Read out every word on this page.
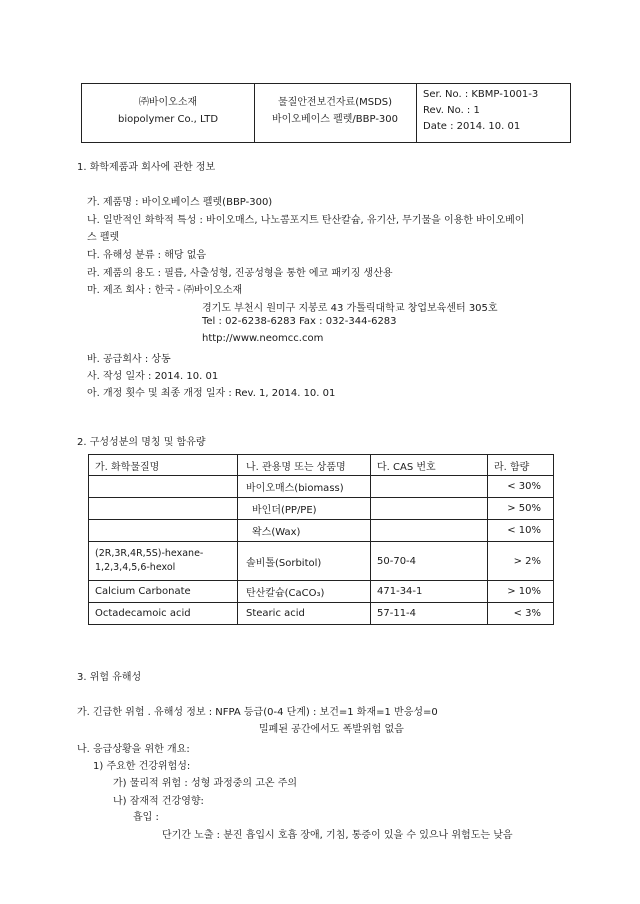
㈜바이오소재
biopolymer Co., LTD
물질안전보건자료(MSDS)
바이오베이스 펠렛/BBP-300
Ser. No. : KBMP-1001-3
Rev. No. : 1
Date : 2014. 10. 01
1. 화학제품과 회사에 관한 정보
가. 제품명 : 바이오베이스 펠렛(BBP-300)
나. 일반적인 화학적 특성 : 바이오매스, 나노콤포지트 탄산칼슘, 유기산, 무기물을 이용한 바이오베이
스 펠렛
다. 유해성 분류 : 해당 없음
라. 제품의 용도 : 필름, 사출성형, 진공성형을 통한 에코 패키징 생산용
마. 제조 회사 : 한국 - ㈜바이오소재
경기도 부천시 원미구 지봉로 43 가톨릭대학교 창업보육센터 305호
Tel : 02-6238-6283 Fax : 032-344-6283
http://www.neomcc.com
바. 공급회사 : 상동
사. 작성 일자 : 2014. 10. 01
아. 개정 횟수 및 최종 개정 일자 : Rev. 1, 2014. 10. 01
2. 구성성분의 명칭 및 함유량
가. 화학물질명	나. 관용명 또는 상품명	다. CAS 번호	라. 함량
	바이오매스(biomass)		< 30%
	바인더(PP/PE)		> 50%
	왁스(Wax)		< 10%
(2R,3R,4R,5S)-hexane-1,2,3,4,5,6-hexol	솔비톨(Sorbitol)	50-70-4	> 2%
Calcium Carbonate	탄산칼슘(CaCO₃)	471-34-1	> 10%
Octadecamoic acid	Stearic acid	57-11-4	< 3%
3. 위험 유해성
가. 긴급한 위험 . 유해성 정보 : NFPA 등급(0-4 단계) : 보건=1 화재=1 반응성=0
밀폐된 공간에서도 폭발위험 없음
나. 응급상황을 위한 개요:
1) 주요한 건강위험성:
가) 물리적 위험 : 성형 과정중의 고온 주의
나) 잠재적 건강영향:
흡입 :
단기간 노출 : 분진 흡입시 호흡 장애, 기침, 통증이 있을 수 있으나 위험도는 낮음
